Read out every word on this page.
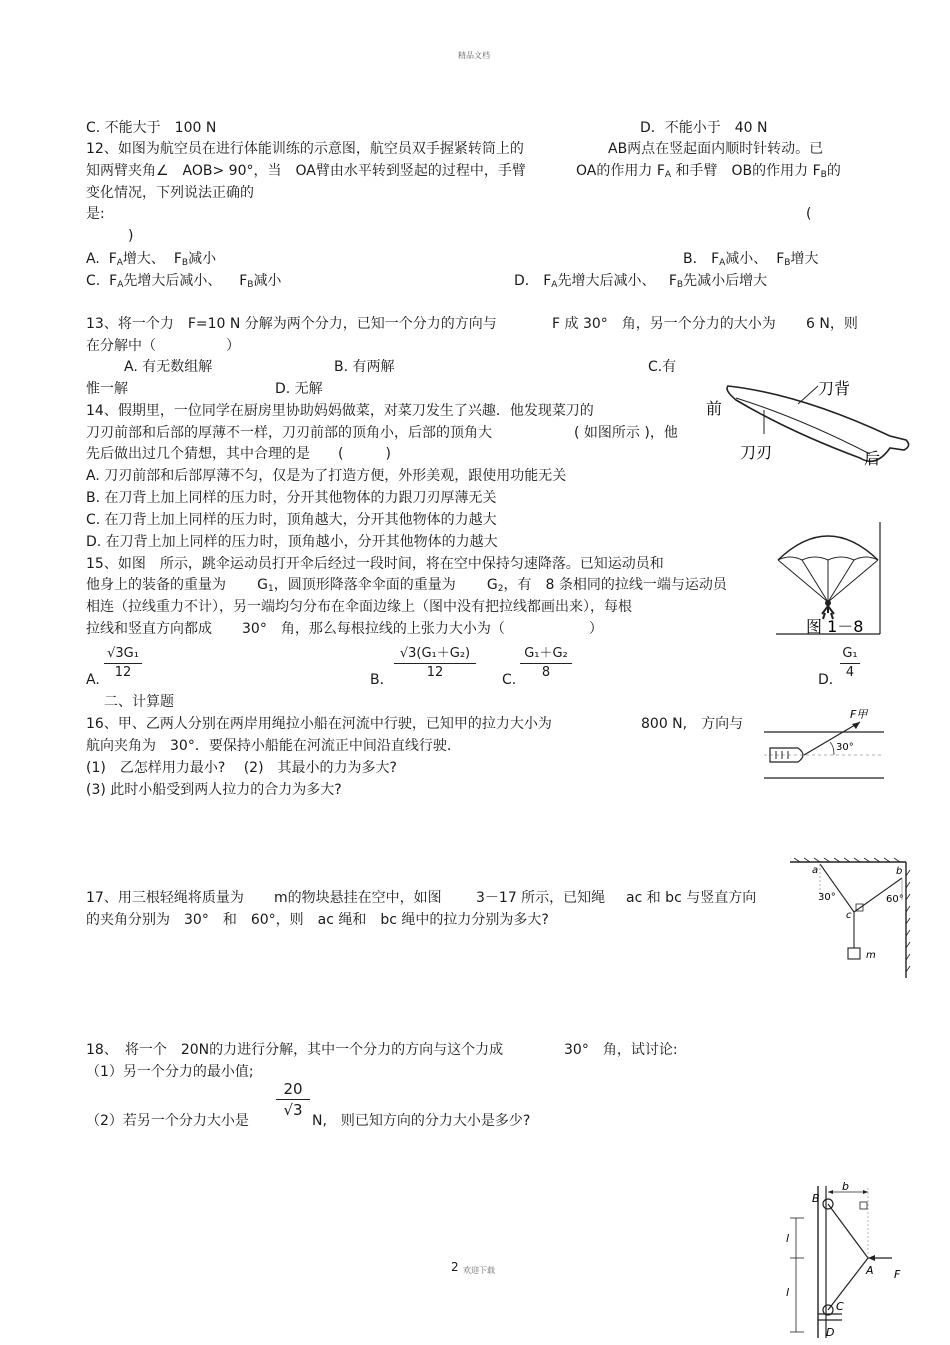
精品文档
2 欢迎下载
C. 不能大于　100 N	D．不能小于　40 N
12、如图为航空员在进行体能训练的示意图，航空员双手握紧转筒上的	AB两点在竖起面内顺时针转动。已
知两臂夹角∠　AOB> 90°，当　OA臂由水平转到竖起的过程中，手臂	OA的作用力 $F_A$ 和手臂　OB的作用力 $F_B$的
变化情况，下列说法正确的
是:	(
)
A.  $F_A$增大、 $F_B$减小	B． $F_A$减小、 $F_B$增大
C.  $F_A$先增大后减小、 $F_B$减小	D． $F_A$先增大后减小、 $F_B$先减小后增大
13、将一个力　F=10 N 分解为两个分力，已知一个分力的方向与	F 成 30°　角，另一个分力的大小为 6 N，则
在分解中（　　　　　）
A. 有无数组解	B. 有两解	C.有
惟一解	D. 无解
14、假期里，一位同学在厨房里协助妈妈做菜，对菜刀发生了兴趣．他发现菜刀的
刀刃前部和后部的厚薄不一样，刀刃前部的顶角小，后部的顶角大	( 如图所示 )，他
先后做出过几个猜想，其中合理的是　　(　　　)
A. 刀刃前部和后部厚薄不匀，仅是为了打造方便，外形美观，跟使用功能无关
B. 在刀背上加上同样的压力时，分开其他物体的力跟刀刃厚薄无关
C. 在刀背上加上同样的压力时，顶角越大，分开其他物体的力越大
D. 在刀背上加上同样的压力时，顶角越小，分开其他物体的力越大
刀背
前
刀刃	后
15、如图　所示，跳伞运动员打开伞后经过一段时间，将在空中保持匀速降落。已知运动员和
他身上的装备的重量为 $G_1$，圆顶形降落伞伞面的重量为 $G_2$，有　8 条相同的拉线一端与运动员
相连（拉线重力不计），另一端均匀分布在伞面边缘上（图中没有把拉线都画出来），每根
拉线和竖直方向都成 30°　角，那么每根拉线的上张力大小为（　　　　　　）
A.
√3G₁
12	B．
√3(G₁＋G₂)
12	C.
G₁＋G₂
8	D．
G₁
4
图 1－8
二、计算题
16、甲、乙两人分别在两岸用绳拉小船在河流中行驶，已知甲的拉力大小为	800 N,　方向与
航向夹角为　30°．要保持小船能在河流正中间沿直线行驶.
(1)　乙怎样用力最小?　 (2)　其最小的力为多大?
(3) 此时小船受到两人拉力的合力为多大?
F甲
30°
17、用三根轻绳将质量为 m的物块悬挂在空中，如图 3－17 所示，已知绳 ac 和 bc 与竖直方向
的夹角分别为　30°　和　60°，则　ac 绳和　bc 绳中的拉力分别为多大?
a	b
c
m
30°	60°
18、　将一个　20N的力进行分解，其中一个分力的方向与这个力成	30°　角，试讨论:
（1）另一个分力的最小值;
（2）若另一个分力大小是
20
√3
N,　则已知方向的分力大小是多少?
B
b
l
l
A F
C
D
